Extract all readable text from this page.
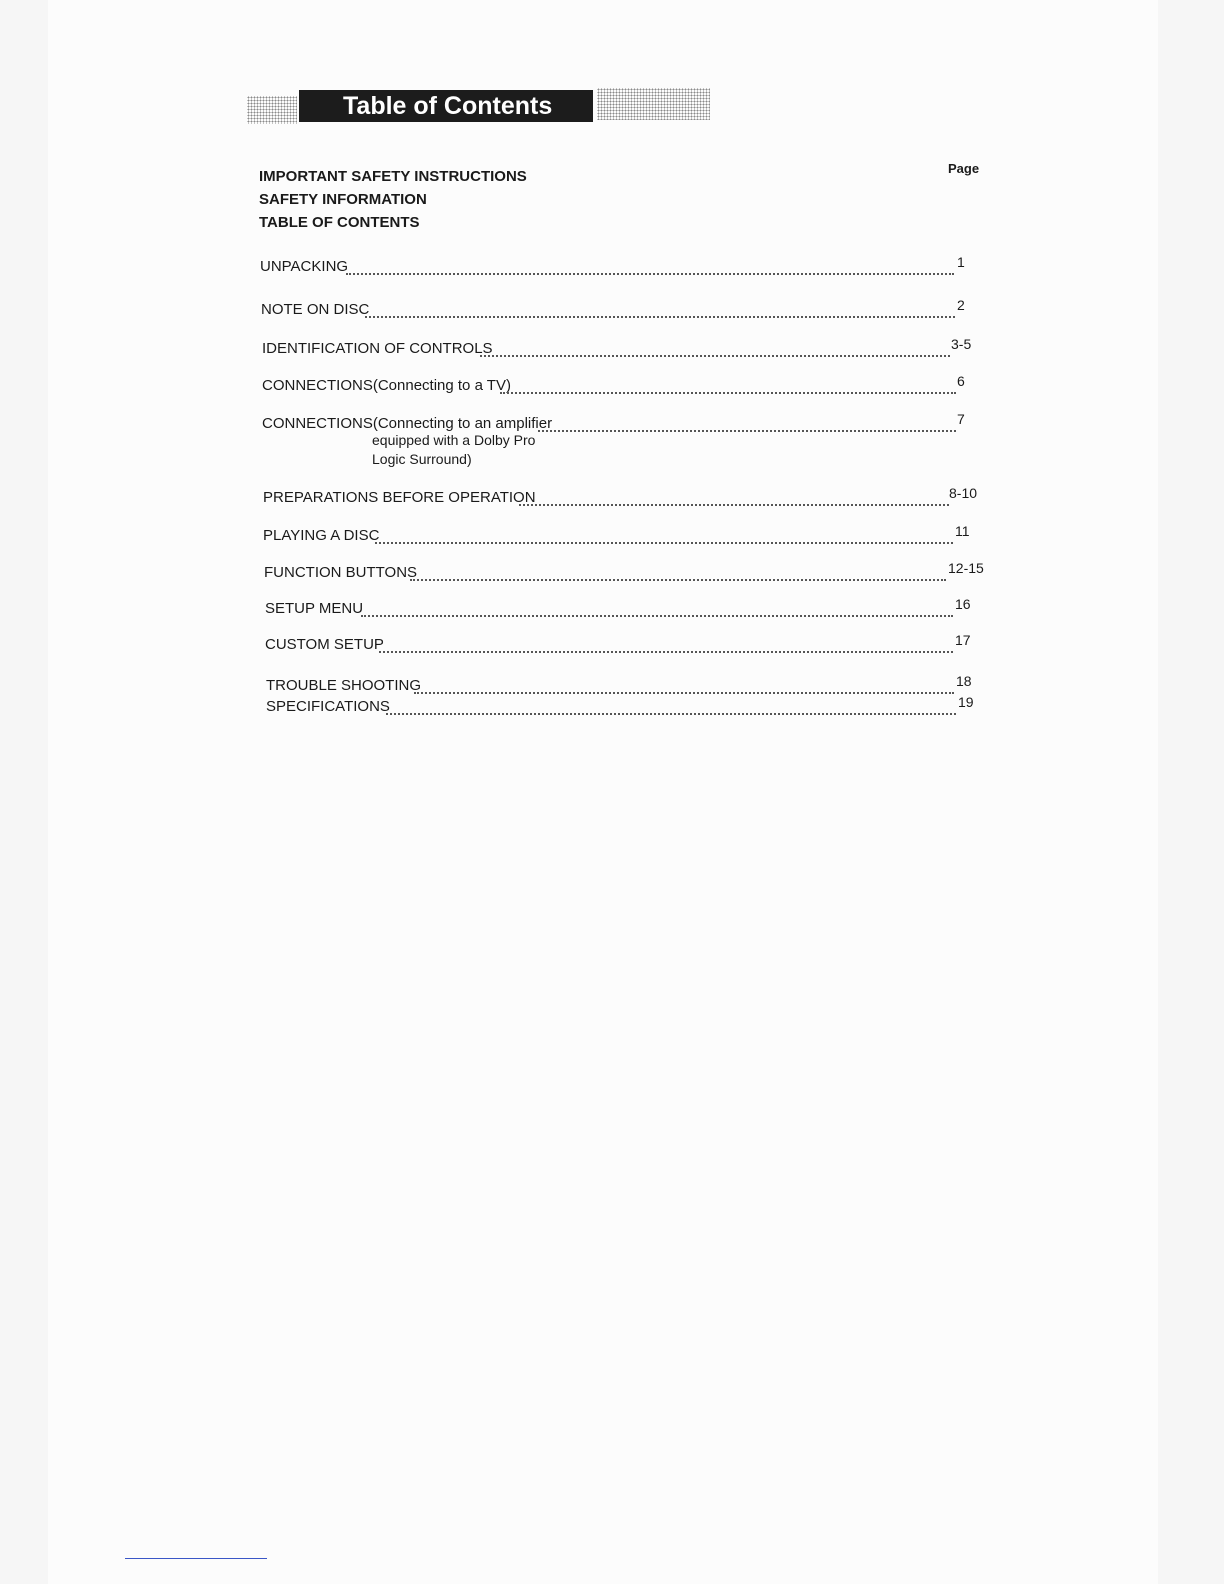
Table of Contents
Page
IMPORTANT SAFETY INSTRUCTIONS
SAFETY INFORMATION
TABLE OF CONTENTS
UNPACKING	1
NOTE ON DISC	2
IDENTIFICATION OF CONTROLS	3-5
CONNECTIONS(Connecting to a TV)	6
CONNECTIONS(Connecting to an amplifier	7
equipped with a Dolby Pro
Logic Surround)
PREPARATIONS BEFORE OPERATION	8-10
PLAYING A DISC	11
FUNCTION BUTTONS	12-15
SETUP MENU	16
CUSTOM SETUP	17
TROUBLE SHOOTING	18
SPECIFICATIONS	19
